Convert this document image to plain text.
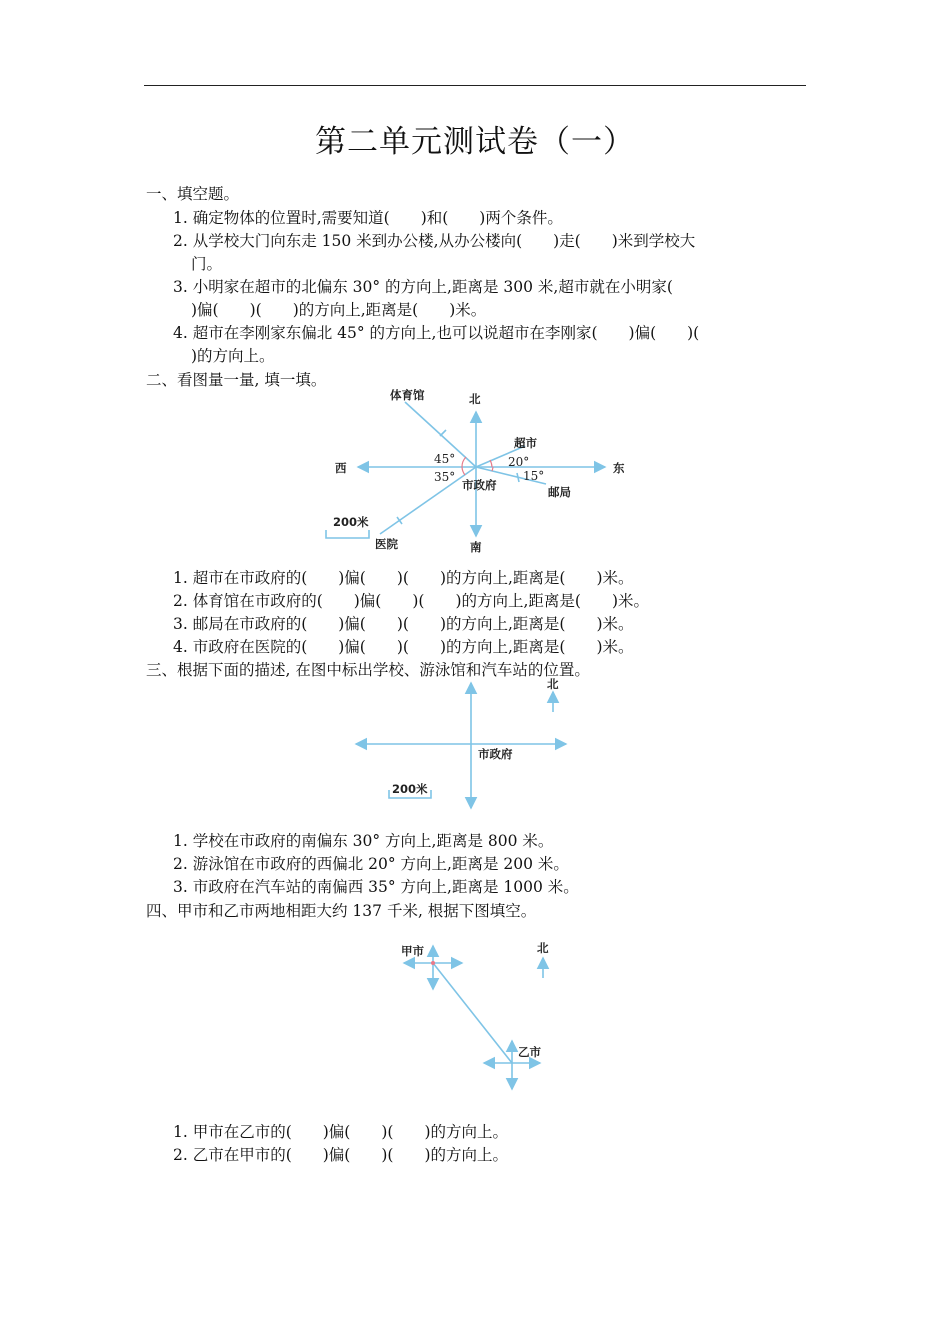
第二单元测试卷（一）
一、填空题。
1. 确定物体的位置时,需要知道(　　)和(　　)两个条件。
2. 从学校大门向东走 150 米到办公楼,从办公楼向(　　)走(　　)米到学校大
门。
3. 小明家在超市的北偏东 30° 的方向上,距离是 300 米,超市就在小明家(
)偏(　　)(　　)的方向上,距离是(　　)米。
4. 超市在李刚家东偏北 45° 的方向上,也可以说超市在李刚家(　　)偏(　　)(
)的方向上。
二、看图量一量, 填一填。
北
南
东
西
市政府
体育馆
超市
邮局
医院
200米
45°	20°
15°
35°
1. 超市在市政府的(　　)偏(　　)(　　)的方向上,距离是(　　)米。
2. 体育馆在市政府的(　　)偏(　　)(　　)的方向上,距离是(　　)米。
3. 邮局在市政府的(　　)偏(　　)(　　)的方向上,距离是(　　)米。
4. 市政府在医院的(　　)偏(　　)(　　)的方向上,距离是(　　)米。
三、根据下面的描述, 在图中标出学校、游泳馆和汽车站的位置。
北
市政府
200米
1. 学校在市政府的南偏东 30° 方向上,距离是 800 米。
2. 游泳馆在市政府的西偏北 20° 方向上,距离是 200 米。
3. 市政府在汽车站的南偏西 35° 方向上,距离是 1000 米。
四、甲市和乙市两地相距大约 137 千米, 根据下图填空。
甲市
乙市
北
1. 甲市在乙市的(　　)偏(　　)(　　)的方向上。
2. 乙市在甲市的(　　)偏(　　)(　　)的方向上。
